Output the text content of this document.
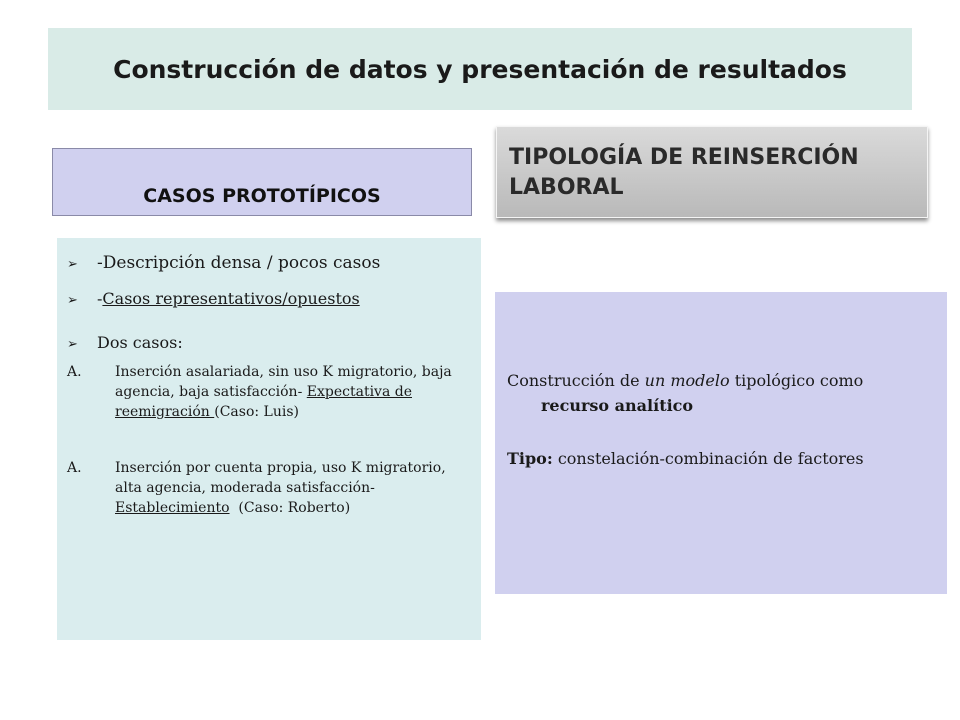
Construcción de datos y presentación de resultados
CASOS PROTOTÍPICOS
TIPOLOGÍA DE REINSERCIÓN LABORAL
➢	-Descripción densa / pocos casos
➢	-Casos representativos/opuestos
➢	Dos casos:
A.	Inserción asalariada, sin uso K migratorio, baja agencia, baja satisfacción- Expectativa de reemigración (Caso: Luis)
A.	Inserción por cuenta propia, uso K migratorio, alta agencia, moderada satisfacción-Establecimiento  (Caso: Roberto)

Construcción de un modelo tipológico como recurso analítico

Tipo: constelación-combinación de factores
